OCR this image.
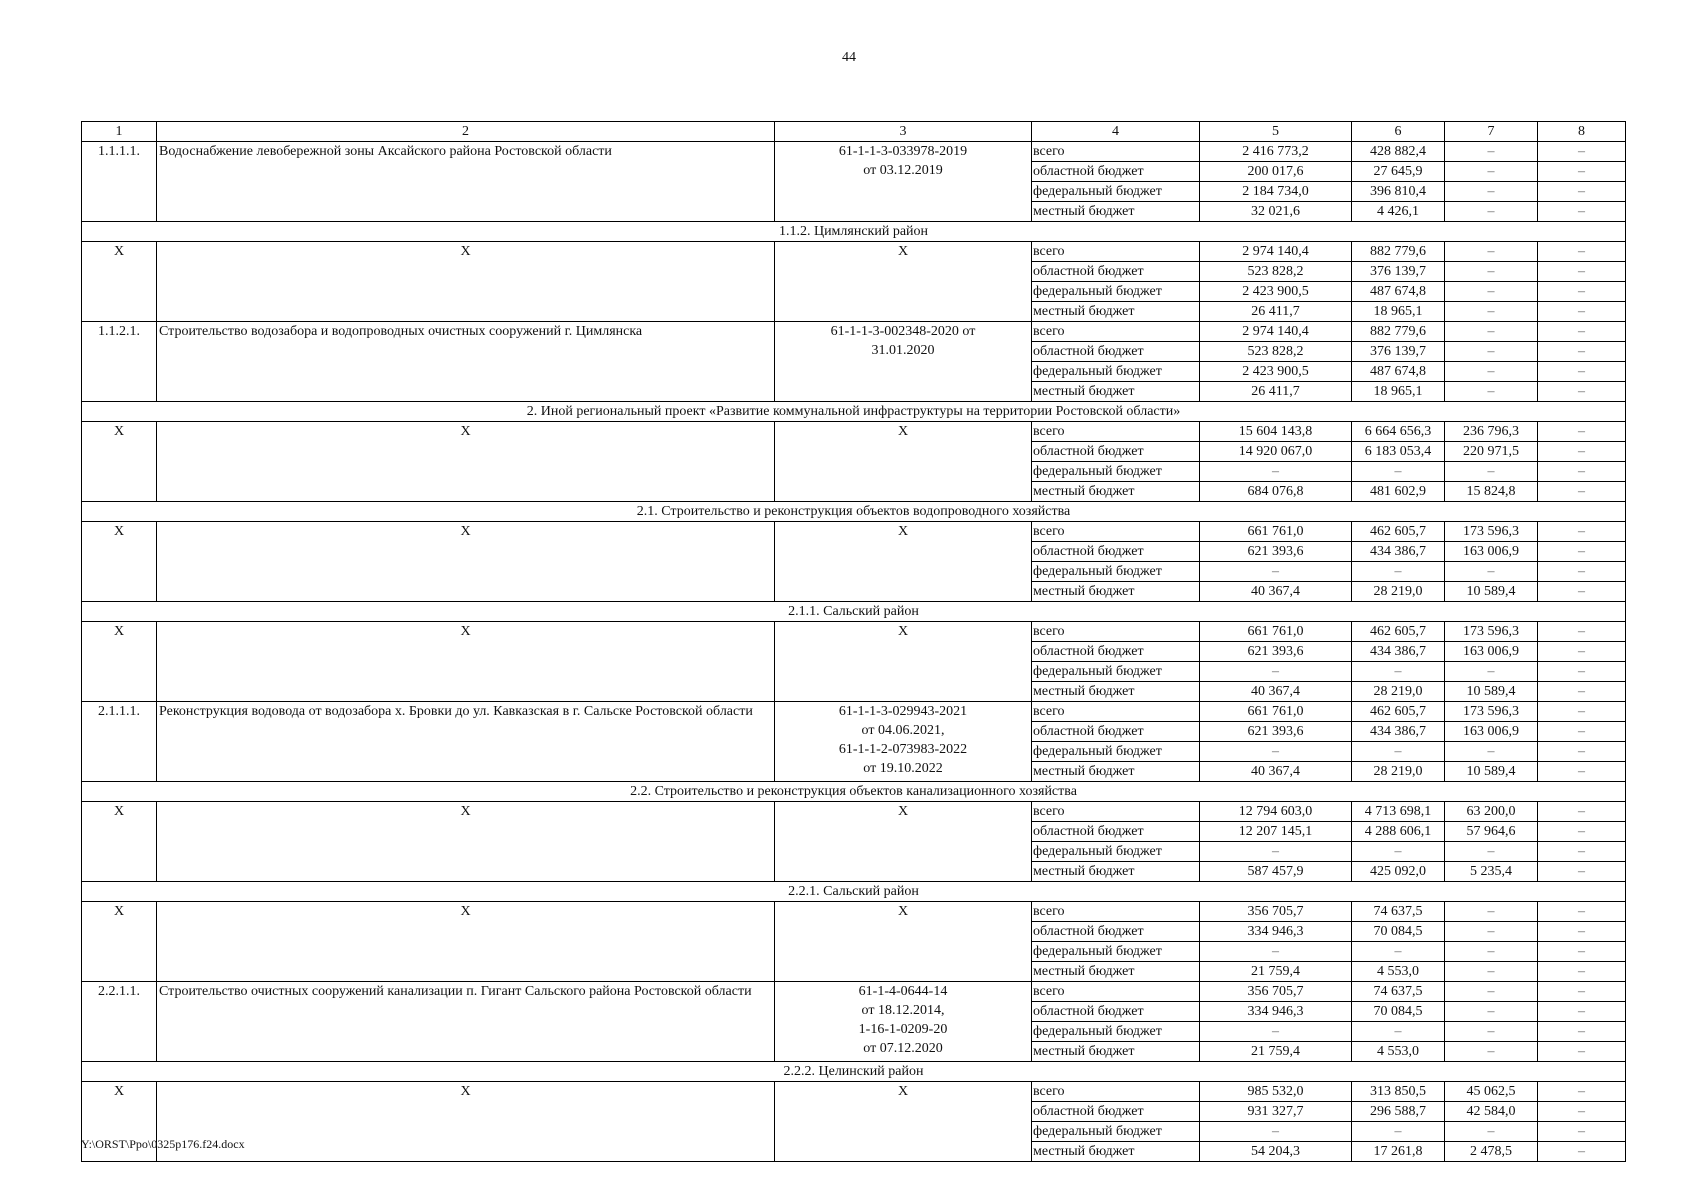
44
1	2	3	4	5	6	7	8
1.1.1.1.	Водоснабжение левобережной зоны Аксайского района Ростовской области	61-1-1-3-033978-2019
от 03.12.2019	всего	2 416 773,2	428 882,4	–	–
			областной бюджет	200 017,6	27 645,9	–	–
			федеральный бюджет	2 184 734,0	396 810,4	–	–
			местный бюджет	32 021,6	4 426,1	–	–
1.1.2. Цимлянский район							
X	X	X	всего	2 974 140,4	882 779,6	–	–
			областной бюджет	523 828,2	376 139,7	–	–
			федеральный бюджет	2 423 900,5	487 674,8	–	–
			местный бюджет	26 411,7	18 965,1	–	–
1.1.2.1.	Строительство водозабора и водопроводных очистных сооружений г. Цимлянска	61-1-1-3-002348-2020 от
31.01.2020	всего	2 974 140,4	882 779,6	–	–
			областной бюджет	523 828,2	376 139,7	–	–
			федеральный бюджет	2 423 900,5	487 674,8	–	–
			местный бюджет	26 411,7	18 965,1	–	–
2. Иной региональный проект «Развитие коммунальной инфраструктуры на территории Ростовской области»							
X	X	X	всего	15 604 143,8	6 664 656,3	236 796,3	–
			областной бюджет	14 920 067,0	6 183 053,4	220 971,5	–
			федеральный бюджет	–	–	–	–
			местный бюджет	684 076,8	481 602,9	15 824,8	–
2.1. Строительство и реконструкция объектов водопроводного хозяйства							
X	X	X	всего	661 761,0	462 605,7	173 596,3	–
			областной бюджет	621 393,6	434 386,7	163 006,9	–
			федеральный бюджет	–	–	–	–
			местный бюджет	40 367,4	28 219,0	10 589,4	–
2.1.1. Сальский район							
X	X	X	всего	661 761,0	462 605,7	173 596,3	–
			областной бюджет	621 393,6	434 386,7	163 006,9	–
			федеральный бюджет	–	–	–	–
			местный бюджет	40 367,4	28 219,0	10 589,4	–
2.1.1.1.	Реконструкция водовода от водозабора х. Бровки до ул. Кавказская в г. Сальске Ростовской области	61-1-1-3-029943-2021
от 04.06.2021,
61-1-1-2-073983-2022
от 19.10.2022	всего	661 761,0	462 605,7	173 596,3	–
			областной бюджет	621 393,6	434 386,7	163 006,9	–
			федеральный бюджет	–	–	–	–
			местный бюджет	40 367,4	28 219,0	10 589,4	–
2.2. Строительство и реконструкция объектов канализационного хозяйства							
X	X	X	всего	12 794 603,0	4 713 698,1	63 200,0	–
			областной бюджет	12 207 145,1	4 288 606,1	57 964,6	–
			федеральный бюджет	–	–	–	–
			местный бюджет	587 457,9	425 092,0	5 235,4	–
2.2.1. Сальский район							
X	X	X	всего	356 705,7	74 637,5	–	–
			областной бюджет	334 946,3	70 084,5	–	–
			федеральный бюджет	–	–	–	–
			местный бюджет	21 759,4	4 553,0	–	–
2.2.1.1.	Строительство очистных сооружений канализации п. Гигант Сальского района Ростовской области	61-1-4-0644-14
от 18.12.2014,
1-16-1-0209-20
от 07.12.2020	всего	356 705,7	74 637,5	–	–
			областной бюджет	334 946,3	70 084,5	–	–
			федеральный бюджет	–	–	–	–
			местный бюджет	21 759,4	4 553,0	–	–
2.2.2. Целинский район							
X	X	X	всего	985 532,0	313 850,5	45 062,5	–
			областной бюджет	931 327,7	296 588,7	42 584,0	–
			федеральный бюджет	–	–	–	–
			местный бюджет	54 204,3	17 261,8	2 478,5	–
Y:\ORST\Ppo\0325p176.f24.docx
